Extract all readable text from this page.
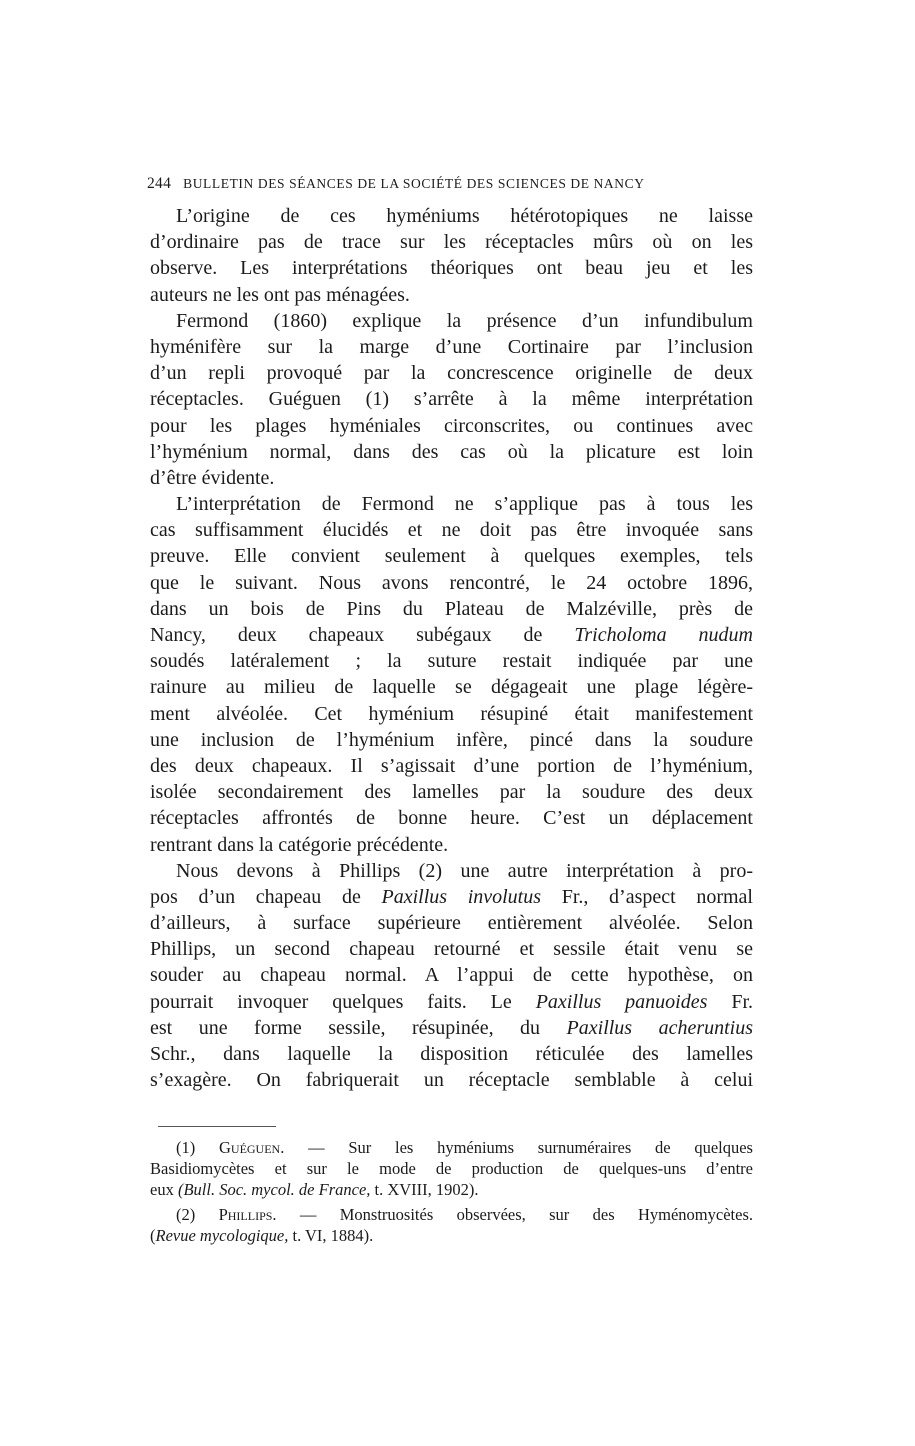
244 BULLETIN DES SÉANCES DE LA SOCIÉTÉ DES SCIENCES DE NANCY
L’origine de ces hyméniums hétérotopiques ne laisse
d’ordinaire pas de trace sur les réceptacles mûrs où on les
observe. Les interprétations théoriques ont beau jeu et les
auteurs ne les ont pas ménagées.
Fermond (1860) explique la présence d’un infundibulum
hyménifère sur la marge d’une Cortinaire par l’inclusion
d’un repli provoqué par la concrescence originelle de deux
réceptacles. Guéguen (1) s’arrête à la même interprétation
pour les plages hyméniales circonscrites, ou continues avec
l’hyménium normal, dans des cas où la plicature est loin
d’être évidente.
L’interprétation de Fermond ne s’applique pas à tous les
cas suffisamment élucidés et ne doit pas être invoquée sans
preuve. Elle convient seulement à quelques exemples, tels
que le suivant. Nous avons rencontré, le 24 octobre 1896,
dans un bois de Pins du Plateau de Malzéville, près de
Nancy, deux chapeaux subégaux de Tricholoma nudum
soudés latéralement ; la suture restait indiquée par une
rainure au milieu de laquelle se dégageait une plage légère-
ment alvéolée. Cet hyménium résupiné était manifestement
une inclusion de l’hyménium infère, pincé dans la soudure
des deux chapeaux. Il s’agissait d’une portion de l’hyménium,
isolée secondairement des lamelles par la soudure des deux
réceptacles affrontés de bonne heure. C’est un déplacement
rentrant dans la catégorie précédente.
Nous devons à Phillips (2) une autre interprétation à pro-
pos d’un chapeau de Paxillus involutus Fr., d’aspect normal
d’ailleurs, à surface supérieure entièrement alvéolée. Selon
Phillips, un second chapeau retourné et sessile était venu se
souder au chapeau normal. A l’appui de cette hypothèse, on
pourrait invoquer quelques faits. Le Paxillus panuoides Fr.
est une forme sessile, résupinée, du Paxillus acheruntius
Schr., dans laquelle la disposition réticulée des lamelles
s’exagère. On fabriquerait un réceptacle semblable à celui
(1) Guéguen. — Sur les hyméniums surnuméraires de quelques
Basidiomycètes et sur le mode de production de quelques-uns d’entre
eux (Bull. Soc. mycol. de France, t. XVIII, 1902).
(2) Phillips. — Monstruosités observées, sur des Hyménomycètes.
(Revue mycologique, t. VI, 1884).
